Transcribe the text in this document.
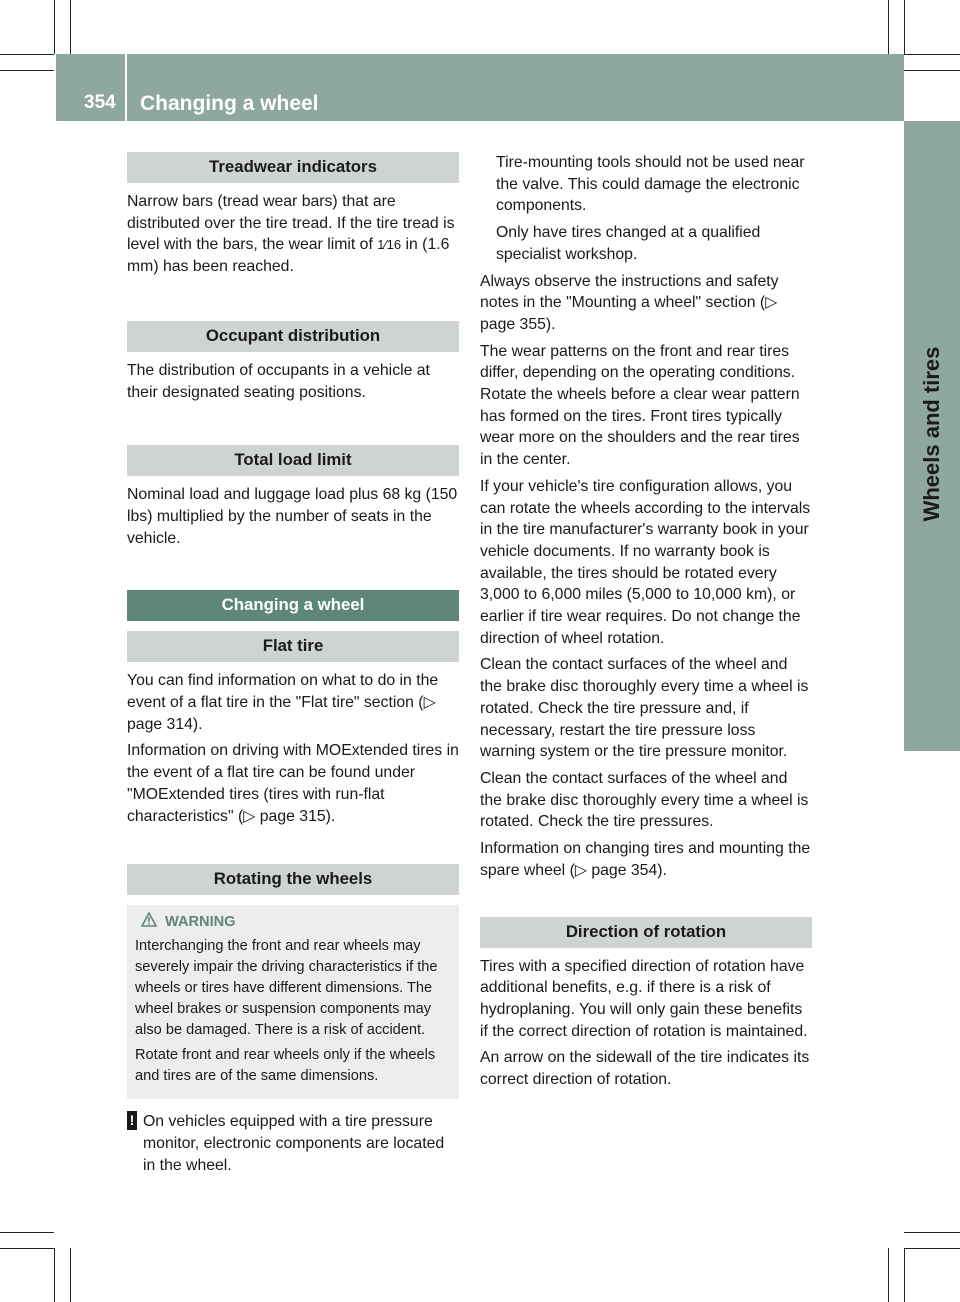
354 Changing a wheel
Wheels and tires
Treadwear indicators

Narrow bars (tread wear bars) that are distributed over the tire tread. If the tire tread is level with the bars, the wear limit of 1⁄16 in (1.6 mm) has been reached.

Occupant distribution

The distribution of occupants in a vehicle at their designated seating positions.

Total load limit

Nominal load and luggage load plus 68 kg (150 lbs) multiplied by the number of seats in the vehicle.

Changing a wheel
Flat tire

You can find information on what to do in the event of a flat tire in the "Flat tire" section (▷ page 314).

Information on driving with MOExtended tires in the event of a flat tire can be found under "MOExtended tires (tires with run-flat characteristics" (▷ page 315).

Rotating the wheels
WARNING

Interchanging the front and rear wheels may severely impair the driving characteristics if the wheels or tires have different dimensions. The wheel brakes or suspension components may also be damaged. There is a risk of accident.

Rotate front and rear wheels only if the wheels and tires are of the same dimensions.

! On vehicles equipped with a tire pressure monitor, electronic components are located in the wheel.

Tire-mounting tools should not be used near the valve. This could damage the electronic components.

Only have tires changed at a qualified specialist workshop.

Always observe the instructions and safety notes in the "Mounting a wheel" section (▷ page 355).

The wear patterns on the front and rear tires differ, depending on the operating conditions. Rotate the wheels before a clear wear pattern has formed on the tires. Front tires typically wear more on the shoulders and the rear tires in the center.

If your vehicle's tire configuration allows, you can rotate the wheels according to the intervals in the tire manufacturer's warranty book in your vehicle documents. If no warranty book is available, the tires should be rotated every 3,000 to 6,000 miles (5,000 to 10,000 km), or earlier if tire wear requires. Do not change the direction of wheel rotation.

Clean the contact surfaces of the wheel and the brake disc thoroughly every time a wheel is rotated. Check the tire pressure and, if necessary, restart the tire pressure loss warning system or the tire pressure monitor.

Clean the contact surfaces of the wheel and the brake disc thoroughly every time a wheel is rotated. Check the tire pressures.

Information on changing tires and mounting the spare wheel (▷ page 354).

Direction of rotation

Tires with a specified direction of rotation have additional benefits, e.g. if there is a risk of hydroplaning. You will only gain these benefits if the correct direction of rotation is maintained.

An arrow on the sidewall of the tire indicates its correct direction of rotation.
